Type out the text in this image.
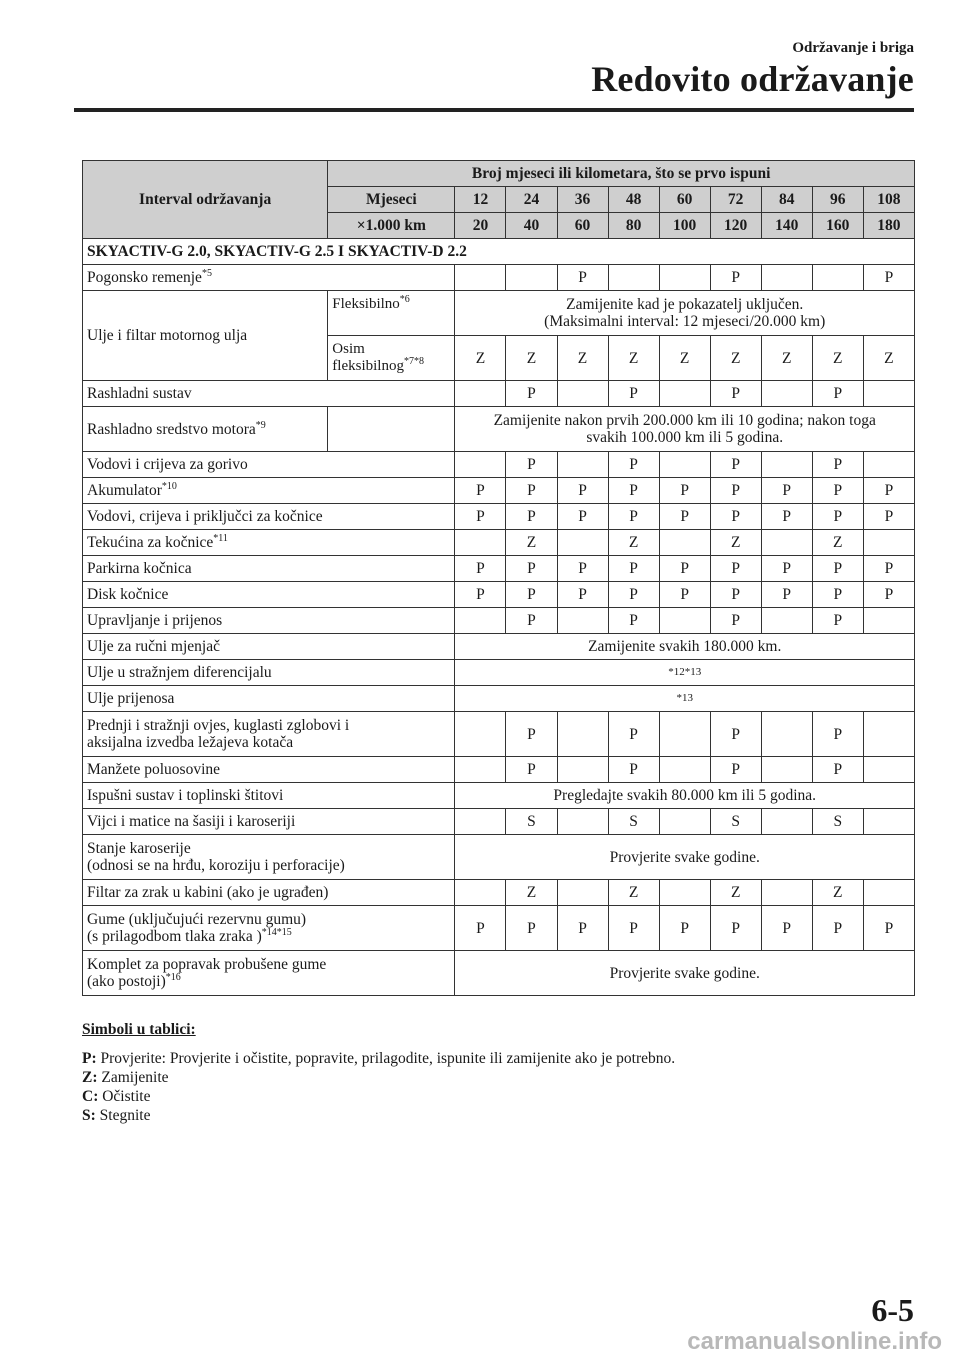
Održavanje i briga
Redovito održavanje
Interval održavanja	Broj mjeseci ili kilometara, što se prvo ispuni									
	Mjeseci	12	24	36	48	60	72	84	96	108
	×1.000 km	20	40	60	80	100	120	140	160	180
SKYACTIV-G 2.0, SKYACTIV-G 2.5 I SKYACTIV-D 2.2										
Pogonsko remenje$^{*5}$				P			P			P
Ulje i filtar motornog ulja	Fleksibilno$^{*6}$	Zamijenite kad je pokazatelj uključen.
(Maksimalni interval: 12 mjeseci/20.000 km)								
	Osim
fleksibilnog$^{*7*8}$	Z	Z	Z	Z	Z	Z	Z	Z	Z
Rashladni sustav			P		P		P		P	
Rashladno sredstvo motora$^{*9}$		Zamijenite nakon prvih 200.000 km ili 10 godina; nakon toga
svakih 100.000 km ili 5 godina.								
Vodovi i crijeva za gorivo			P		P		P		P	
Akumulator$^{*10}$		P	P	P	P	P	P	P	P	P
Vodovi, crijeva i priključci za kočnice		P	P	P	P	P	P	P	P	P
Tekućina za kočnice$^{*11}$			Z		Z		Z		Z	
Parkirna kočnica		P	P	P	P	P	P	P	P	P
Disk kočnice		P	P	P	P	P	P	P	P	P
Upravljanje i prijenos			P		P		P		P	
Ulje za ručni mjenjač		Zamijenite svakih 180.000 km.								
Ulje u stražnjem diferencijalu		*12*13								
Ulje prijenosa		*13								
Prednji i stražnji ovjes, kuglasti zglobovi i
aksijalna izvedba ležajeva kotača			P		P		P		P	
Manžete poluosovine			P		P		P		P	
Ispušni sustav i toplinski štitovi		Pregledajte svakih 80.000 km ili 5 godina.								
Vijci i matice na šasiji i karoseriji			S		S		S		S	
Stanje karoserije
(odnosi se na hrđu, koroziju i perforacije)		Provjerite svake godine.								
Filtar za zrak u kabini (ako je ugrađen)			Z		Z		Z		Z	
Gume (uključujući rezervnu gumu)
(s prilagodbom tlaka zraka )$^{*14*15}$		P	P	P	P	P	P	P	P	P
Komplet za popravak probušene gume
(ako postoji)$^{*16}$		Provjerite svake godine.								
Simboli u tablici:
P: Provjerite: Provjerite i očistite, popravite, prilagodite, ispunite ili zamijenite ako je potrebno.
Z: Zamijenite
C: Očistite
S: Stegnite
6-5
carmanualsonline.info
